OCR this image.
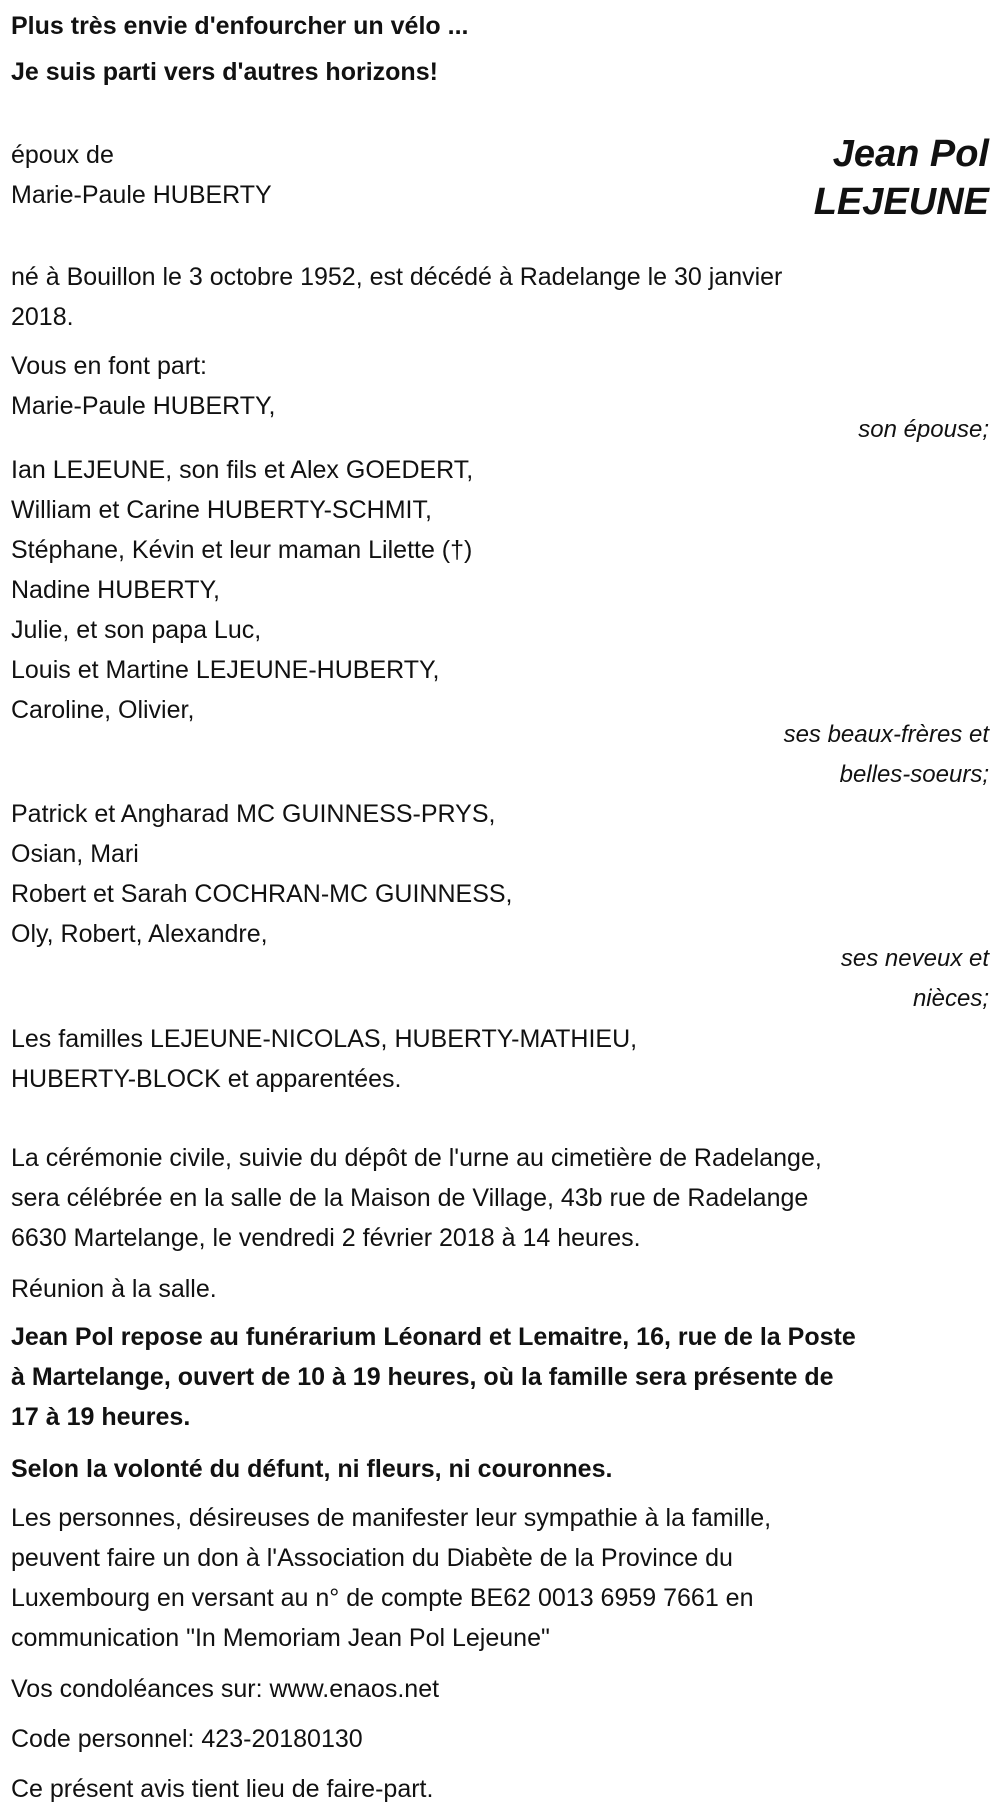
Plus très envie d'enfourcher un vélo ...
Je suis parti vers d'autres horizons!
époux de
Marie-Paule HUBERTY
Jean Pol
LEJEUNE
né à Bouillon le 3 octobre 1952, est décédé à Radelange le 30 janvier
2018.
Vous en font part:
Marie-Paule HUBERTY,
son épouse;
Ian LEJEUNE, son fils et Alex GOEDERT,
William et Carine HUBERTY-SCHMIT,
Stéphane, Kévin et leur maman Lilette (†)
Nadine HUBERTY,
Julie, et son papa Luc,
Louis et Martine LEJEUNE-HUBERTY,
Caroline, Olivier,
ses beaux-frères et
belles-soeurs;
Patrick et Angharad MC GUINNESS-PRYS,
Osian, Mari
Robert et Sarah COCHRAN-MC GUINNESS,
Oly, Robert, Alexandre,
ses neveux et
nièces;
Les familles LEJEUNE-NICOLAS, HUBERTY-MATHIEU,
HUBERTY-BLOCK et apparentées.
La cérémonie civile, suivie du dépôt de l'urne au cimetière de Radelange,
sera célébrée en la salle de la Maison de Village, 43b rue de Radelange
6630 Martelange, le vendredi 2 février 2018 à 14 heures.
Réunion à la salle.
Jean Pol repose au funérarium Léonard et Lemaitre, 16, rue de la Poste
à Martelange, ouvert de 10 à 19 heures, où la famille sera présente de
17 à 19 heures.
Selon la volonté du défunt, ni fleurs, ni couronnes.
Les personnes, désireuses de manifester leur sympathie à la famille,
peuvent faire un don à l'Association du Diabète de la Province du
Luxembourg en versant au n° de compte BE62 0013 6959 7661 en
communication "In Memoriam Jean Pol Lejeune"
Vos condoléances sur: www.enaos.net
Code personnel: 423-20180130
Ce présent avis tient lieu de faire-part.
